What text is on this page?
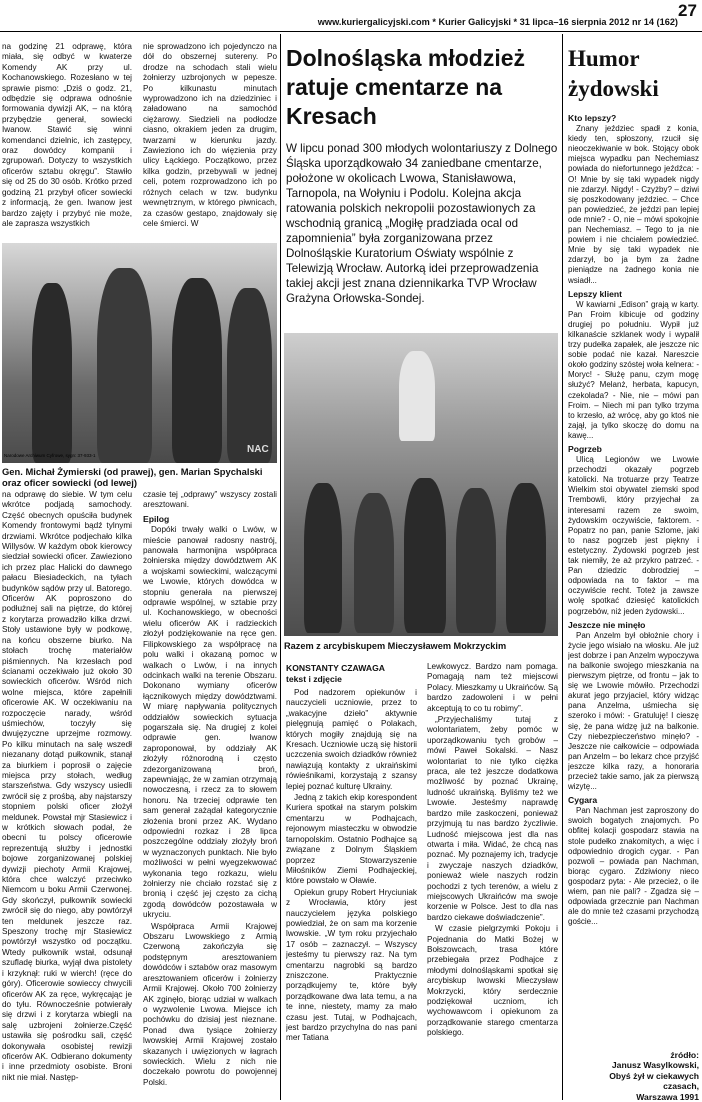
www.kuriergalicyjski.com * Kurier Galicyjski * 31 lipca–16 sierpnia 2012 nr 14 (162)
27

na godzinę 21 odprawę, która miała, się odbyć w kwaterze Komendy AK przy ul. Kochanowskiego. Rozesłano w tej sprawie pismo: „Dziś o godz. 21, odbędzie się odprawa odnośnie formowania dywizji AK, – na którą przybędzie generał, sowiecki Iwanow. Stawić się winni komendanci dzielnic, ich zastępcy, oraz dowódcy kompanii i zgrupowań. Dotyczy to wszystkich oficerów sztabu okręgu”. Stawiło się od 25 do 30 osób. Krótko przed godziną 21 przybył oficer sowiecki z informacją, że gen. Iwanow jest bardzo zajęty i przybyć nie może, ale zaprasza wszystkich

nie sprowadzono ich pojedynczo na dół do obszernej sutereny. Po drodze na schodach stali wielu żołnierzy uzbrojonych w pepesze. Po kilkunastu minutach wyprowadzono ich na dziedziniec i załadowano na samochód ciężarowy. Siedzieli na podłodze ciasno, okrakiem jeden za drugim, twarzami w kierunku jazdy. Zawieziono ich do więzienia przy ulicy Łąckiego. Początkowo, przez kilka godzin, przebywali w jednej celi, potem rozprowadzono ich po różnych celach w tzw. budynku wewnętrznym, w którego piwnicach, za czasów gestapo, znajdowały się cele śmierci. W

Narodowe Archiwum Cyfrowe, sygn: 37-933-1
NAC
Gen. Michał Żymierski (od prawej), gen. Marian Spychalski oraz oficer sowiecki (od lewej)

na odprawę do siebie. W tym celu wkrótce podjadą samochody. Część obecnych opuściła budynek Komendy frontowymi bądź tylnymi drzwiami. Wkrótce podjechało kilka Willysów. W każdym obok kierowcy siedział sowiecki oficer. Zawieziono ich przez plac Halicki do dawnego pałacu Biesiadeckich, na tyłach budynków sądów przy ul. Batorego. Oficerów AK poproszono do podłużnej sali na piętrze, do której z korytarza prowadziło kilka drzwi. Stoły ustawione były w podkowę, na końcu obszerne biurko. Na stołach trochę materiałów piśmiennych. Na krzesłach pod ścianami oczekiwało już około 30 sowieckich oficerów. Wśród nich wolne miejsca, które zapełnili oficerowie AK. W oczekiwaniu na rozpoczęcie narady, wśród uśmiechów, toczyły się dwujęzyczne uprzejme rozmowy. Po kilku minutach na salę wszedł niezanany dotąd pułkownik, stanął za biurkiem i poprosił o zajęcie miejsca przy stołach, według starszeństwa. Gdy wszyscy usiedli zwrócił się z prośbą, aby najstarszy stopniem polski oficer złożył meldunek. Powstał mjr Stasiewicz i w krótkich słowach podał, że obecni tu polscy oficerowie reprezentują służby i jednostki bojowe zorganizowanej polskiej dywizji piechoty Armii Krajowej, która chce walczyć przeciwko Niemcom u boku Armii Czerwonej. Gdy skończył, pułkownik sowiecki zwrócił się do niego, aby powtórzył ten meldunek jeszcze raz. Speszony trochę mjr Stasiewicz powtórzył wszystko od początku. Wtedy pułkownik wstał, odsunął szufladę biurka, wyjął dwa pistolety i krzyknął: ruki w wierch! (ręce do góry). Oficerowie sowieccy chwycili oficerów AK za ręce, wykręcając je do tyłu. Równocześnie potwierały się drzwi i z korytarza wbiegli na salę uzbrojeni żołnierze.Część ustawiła się pośrodku sali, część dokonywała osobistej rewizji oficerów AK. Odbierano dokumenty i inne przedmioty osobiste. Broni nikt nie miał. Następ-

czasie tej „odprawy” wszyscy zostali aresztowani.

Epilog

Dopóki trwały walki o Lwów, w mieście panował radosny nastrój, panowała harmonijna współpraca żołnierska między dowództwem AK a wojskami sowieckimi, walczącymi we Lwowie, których dowódca w stopniu generała na pierwszej odprawie wspólnej, w sztabie przy ul. Kochanowskiego, w obecności wielu oficerów AK i radzieckich złożył podziękowanie na ręce gen. Filipkowskiego za współpracę na polu walki i okazaną pomoc w walkach o Lwów, i na innych odcinkach walki na terenie Obszaru. Dokonano wymiany oficerów łącznikowych między dowództwami. W miarę napływania politycznych oddziałów sowieckich sytuacja pogarszała się. Na drugiej z kolei odprawie gen. Iwanow zaproponował, by oddziały AK złożyły różnorodną i często zdezorganizowaną broń, zapewniając, że w zamian otrzymają nowoczesną, i rzecz za to słowem honoru. Na trzeciej odprawie ten sam generał zażądał kategorycznie złożenia broni przez AK. Wydano odpowiedni rozkaz i 28 lipca poszczególne oddziały złożyły broń w wyznaczonych punktach. Nie było możliwości w pełni wyegzekwować wykonania tego rozkazu, wielu żołnierzy nie chciało rozstać się z bronią i część jej często za cichą zgodą dowódców pozostawała w ukryciu.

Współpraca Armii Krajowej Obszaru Lwowskiego z Armią Czerwoną zakończyła się podstępnym aresztowaniem dowódców i sztabów oraz masowym aresztowaniem oficerów i żołnierzy Armii Krajowej. Około 700 żołnierzy AK zginęło, biorąc udział w walkach o wyzwolenie Lwowa. Miejsce ich pochówku do dzisiaj jest nieznane. Ponad dwa tysiące żołnierzy lwowskiej Armii Krajowej zostało skazanych i uwięzionych w łagrach sowieckich. Wielu z nich nie doczekało powrotu do powojennej Polski.

Dolnośląska młodzież ratuje cmentarze na Kresach
W lipcu ponad 300 młodych wolontariuszy z Dolnego Śląska uporządkowało 34 zaniedbane cmentarze, położone w okolicach Lwowa, Stanisławowa, Tarnopola, na Wołyniu i Podolu. Kolejna akcja ratowania polskich nekropolii pozostawionych za wschodnią granicą „Mogiłę pradziada ocal od zapomnienia” była zorganizowana przez Dolnośląskie Kuratorium Oświaty wspólnie z Telewizją Wrocław. Autorką idei przeprowadzenia takiej akcji jest znana dziennikarka TVP Wrocław Grażyna Orłowska-Sondej.
Razem z arcybiskupem Mieczysławem Mokrzyckim
KONSTANTY CZAWAGA
tekst i zdjęcie

Pod nadzorem opiekunów i nauczycieli uczniowie, przez to „wakacyjne dzieło” aktywnie pielęgnują pamięć o Polakach, których mogiły znajdują się na Kresach. Uczniowie uczą się historii uczczenia swoich dziadków również nawiązują kontakty z ukraińskimi rówieśnikami, korzystają z szansy lepiej poznać kulturę Ukrainy.

Jedną z takich ekip korespondent Kuriera spotkał na starym polskim cmentarzu w Podhajcach, rejonowym miasteczku w obwodzie tarnopolskim. Ostatnio Podhajce są związane z Dolnym Śląskiem poprzez Stowarzyszenie Miłośników Ziemi Podhajeckiej, które powstało w Oławie.

Opiekun grupy Robert Hryciuniak z Wrocławia, który jest nauczycielem języka polskiego powiedział, że on sam ma korzenie lwowskie. „W tym roku przyjechało 17 osób – zaznaczył. – Wszyscy jesteśmy tu pierwszy raz. Na tym cmentarzu nagrobki są bardzo zniszczone. Praktycznie porządkujemy te, które były porządkowane dwa lata temu, a na te inne, niestety, mamy za mało czasu jest. Tutaj, w Podhajcach, jest bardzo przychylna do nas pani mer Tatiana

Lewkowycz. Bardzo nam pomaga. Pomagają nam też miejscowi Polacy. Mieszkamy u Ukraińców. Są bardzo zadowoleni i w pełni akceptują to co tu robimy”.

„Przyjechaliśmy tutaj z wolontariatem, żeby pomóc w uporządkowaniu tych grobów – mówi Paweł Sokalski. – Nasz wolontariat to nie tylko ciężka praca, ale też jeszcze dodatkowa możliwość by poznać Ukrainę, ludność ukraińską. Byliśmy też we Lwowie. Jesteśmy naprawdę bardzo mile zaskoczeni, ponieważ przyjmują tu nas bardzo życzliwie. Ludność miejscowa jest dla nas otwarta i miła. Widać, że chcą nas poznać. My poznajemy ich, tradycje i zwyczaje naszych dziadków, ponieważ wiele naszych rodzin pochodzi z tych terenów, a wielu z miejscowych Ukraińców ma swoje korzenie w Polsce. Jest to dla nas bardzo ciekawe doświadczenie”.

W czasie pielgrzymki Pokoju i Pojednania do Matki Bożej w Bołszowcach, trasa które przebiegała przez Podhajce z młodymi dolnośląskami spotkał się arcybiskup lwowski Mieczysław Mokrzycki, który serdecznie podziękował uczniom, ich wychowawcom i opiekunom za porządkowanie starego cmentarza polskiego.

Humor żydowski
Kto lepszy?

Znany jeździec spadł z konia, kiedy ten, spłoszony, rzucił się nieoczekiwanie w bok. Stojący obok miejsca wypadku pan Nechemiasz powiada do niefortunnego jeźdźca: - O! Mnie by się taki wypadek nigdy nie zdarzył. Nigdy! - Czyżby? – dziwi się poszkodowany jeździec. – Chce pan powiedzieć, że jeździ pan lepiej ode mnie? - O, nie – mówi spokojnie pan Nechemiasz. – Tego to ja nie powiem i nie chciałem powiedzieć. Mnie by się taki wypadek nie zdarzył, bo ja bym za żadne pieniądze na żadnego konia nie wsiadł...

Lepszy klient

W kawiarni „Edison” grają w karty. Pan Froim kibicuje od godziny drugiej po południu. Wypił już kilkanaście szklanek wody i wypalił trzy pudełka zapałek, ale jeszcze nic sobie podać nie kazał. Nareszcie około godziny szóstej woła kelnera: - Moryc! - Służę panu, czym mogę służyć? Melanż, herbata, kapucyn, czekolada? - Nie, nie – mówi pan Froim. – Niech mi pan tylko trzyma to krzesło, aż wrócę, aby go ktoś nie zajął, ja tylko skoczę do domu na kawę...

Pogrzeb

Ulicą Legionów we Lwowie przechodzi okazały pogrzeb katolicki. Na trotuarze przy Teatrze Wielkim stoi obywatel ziemski spod Trembowli, który przyjechał za interesami razem ze swoim, żydowskim oczywiście, faktorem. - Popatrz no pan, panie Szlome, jaki to nasz pogrzeb jest piękny i estetyczny. Żydowski pogrzeb jest tak niemiły, że aż przykro patrzeć. - Pan dziedzic dobrodziej – odpowiada na to faktor – ma oczywiście recht. Toteż ja zawsze wolę spotkać dziesięć katolickich pogrzebów, niż jeden żydowski...

Jeszcze nie minęło

Pan Anzelm był obłożnie chory i życie jego wisiało na włosku. Ale już jest dobrze i pan Anzelm wypoczywa na balkonie swojego mieszkania na pierwszym piętrze, od frontu – jak to się we Lwowie mówiło. Przechodzi akurat jego przyjaciel, który widząc pana Anzelma, uśmiecha się szeroko i mówi: - Gratuluję! I cieszę się, że pana widzę już na balkonie. Czy niebezpieczeństwo minęło? - Jeszcze nie całkowicie – odpowiada pan Anzelm – bo lekarz chce przyjść jeszcze kilka razy, a honoraria przecież takie samo, jak za pierwszą wizytę...

Cygara

Pan Nachman jest zaproszony do swoich bogatych znajomych. Po obfitej kolacji gospodarz stawia na stole pudełko znakomitych, a więc i odpowiednio drogich cygar. - Pan pozwoli – powiada pan Nachman, biorąc cygaro. Zdziwiony nieco gospodarz pyta: - Ale przecież, o ile wiem, pan nie pali? - Zgadza się – odpowiada grzecznie pan Nachman ale do mnie też czasami przychodzą goście...

źródło:
Janusz Wasylkowski,
Obyś żył w ciekawych
czasach,
Warszawa 1991
